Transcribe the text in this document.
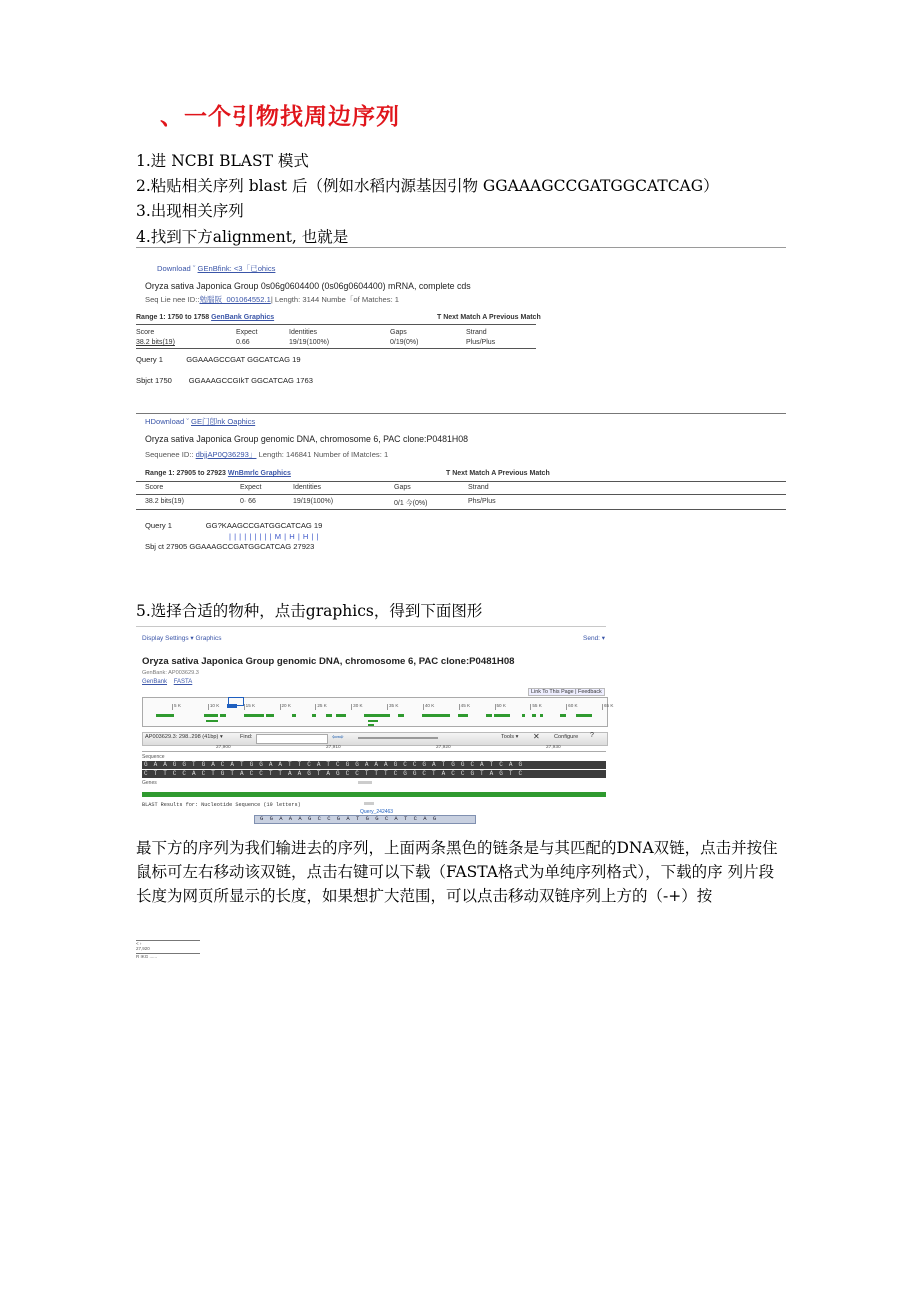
、一个引物找周边序列
1.进 NCBI BLAST 模式
2.粘贴相关序列 blast 后（例如水稻内源基因引物 GGAAAGCCGATGGCATCAG）
3.出现相关序列
4.找到下方alignment, 也就是
Download ˇ GEnBfink: <3「已ohics
Oryza sativa Japonica Group 0s06g0604400 (0s06g0604400) mRNA, complete cds
Seq Lie nee ID::勉腦阪_001064552.1| Length: 3144 Numbe「of Matches: 1
Range 1: 1750 to 1758 GenBank Graphics	T Next Match A Previous Match
Score	Expect	Identities	Gaps	Strand
38.2 bits(19)	0.66	19/19(100%)	0/19(0%)	Plus/Plus
Query 1           GGAAAGCCGAT GGCATCAG 19
Sbjct 1750        GGAAAGCCGIkT GGCATCAG 1763
HDownload ˇ GE门卽nk Oaphics
Oryza sativa Japonica Group genomic DNA, chromosome 6, PAC clone:P0481H08
Sequenee ID:: dbjjAP0Q36293」 Length: 146841 Number of IMatcIes: 1
Range 1: 27905 to 27923 WnBmrlc Graphics	T Next Match A Previous Match
Score	Expect	Identities	Gaps	Strand
38.2 bits(19)	0· 66	19/19(100%)	0/1 今(0%)	Phs/Plus
Query 1                GG?KAAGCCGATGGCATCAG 19
| | | | | | | | | M | H | H | |
Sbj ct 27905 GGAAAGCCGATGGCATCAG 27923
5.选择合适的物种，点击graphics，得到下面图形
Display Settings ▾ Graphics	Send: ▾
Oryza sativa Japonica Group genomic DNA, chromosome 6, PAC clone:P0481H08
GenBank: AP003629.3
GenBank FASTA
Link To This Page | Feedback
5 K	10 K	15 K	20 K	25 K	30 K	35 K	40 K	45 K	50 K	55 K	60 K	65 K
AP003629.3: 298..298 (41bp) ▾	Find:	⇦⇨	Tools ▾	Configure
✕	?
27,900	27,910	27,920	27,930
Sequence
G A A G G T G A C A T G G A A T T C A T C G G A A A G C C G A T G G C A T C A G
C T T C C A C T G T A C C T T A A G T A G C C T T T C G G C T A C C G T A G T C
Genes
BLAST Results for: Nucleotide Sequence (19 letters)
Query_242463
G G A A A G C C G A T G G C A T C A G
最下方的序列为我们输进去的序列，上面两条黑色的链条是与其匹配的DNA双链，点击并按住鼠标可左右移动该双链，点击右键可以下载（FASTA格式为单纯序列格式），下载的序 列片段长度为网页所显示的长度，如果想扩大范围，可以点击移动双链序列上方的（-+）按
< ›
27,920
R IKG ......
